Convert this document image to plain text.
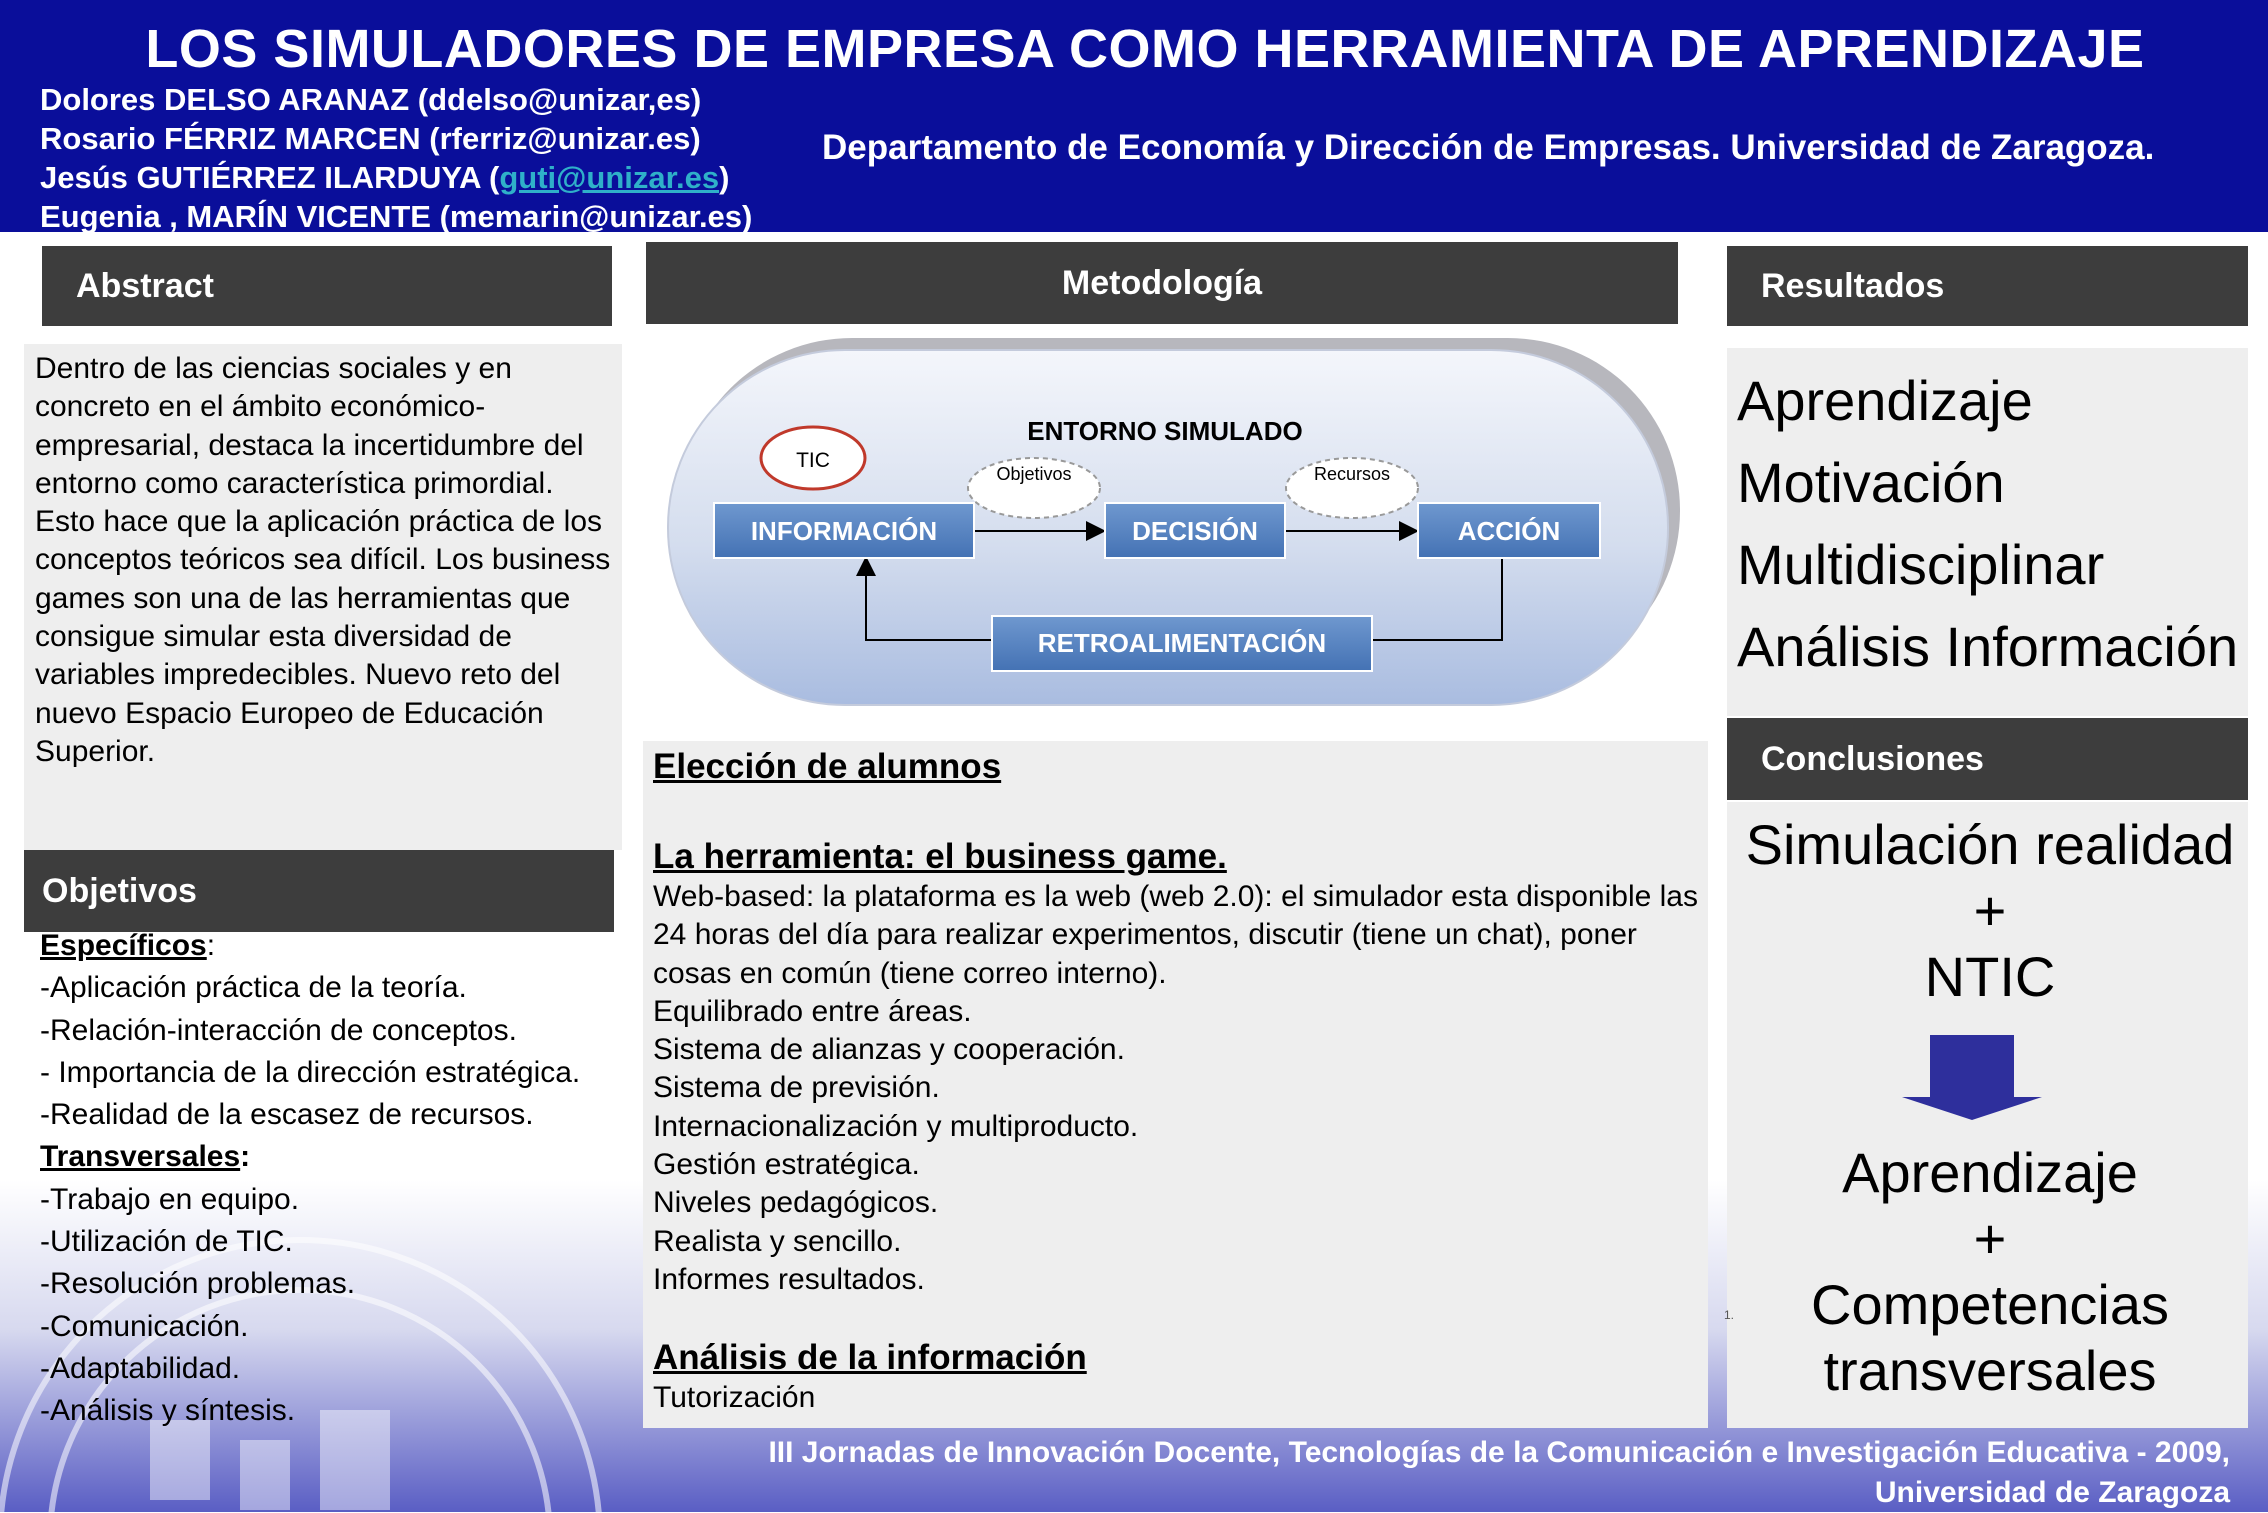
LOS SIMULADORES DE EMPRESA COMO HERRAMIENTA DE APRENDIZAJE
Dolores DELSO ARANAZ (ddelso@unizar,es)
Rosario FÉRRIZ MARCEN (rferriz@unizar.es)
Jesús GUTIÉRREZ ILARDUYA (guti@unizar.es)
Eugenia , MARÍN VICENTE (memarin@unizar.es)
Departamento de Economía y Dirección de Empresas. Universidad de Zaragoza.
Abstract
Dentro de las ciencias sociales y en concreto en el ámbito económico-empresarial, destaca la incertidumbre del entorno como característica primordial. Esto hace que la aplicación práctica de los conceptos teóricos sea difícil. Los business games son una de las herramientas que consigue simular esta diversidad de variables impredecibles. Nuevo reto del nuevo Espacio Europeo de Educación Superior.
Objetivos
Específicos:
-Aplicación práctica de la teoría.
-Relación-interacción de conceptos.
- Importancia de la dirección estratégica.
-Realidad de la escasez de recursos.
Transversales:
-Trabajo en equipo.
-Utilización de TIC.
-Resolución problemas.
-Comunicación.
-Adaptabilidad.
-Análisis y síntesis.
Metodología
ENTORNO SIMULADO
TIC
Objetivos	Recursos
INFORMACIÓN	DECISIÓN	ACCIÓN
RETROALIMENTACIÓN
Elección de alumnos
La herramienta: el business game.
Web-based: la plataforma es la web (web 2.0): el simulador esta disponible las 24 horas del día para realizar experimentos, discutir (tiene un chat), poner cosas en común (tiene correo interno).
Equilibrado entre áreas.
Sistema de alianzas y cooperación.
Sistema de previsión.
Internacionalización y multiproducto.
Gestión estratégica.
Niveles pedagógicos.
Realista y sencillo.
Informes resultados.
Análisis de la información
Tutorización
Resultados
Aprendizaje
Motivación
Multidisciplinar
Análisis Información
Conclusiones
Simulación realidad
+
NTIC
Aprendizaje
+
Competencias transversales
1.
III Jornadas de Innovación Docente, Tecnologías de la Comunicación e Investigación Educativa - 2009,
Universidad de Zaragoza
